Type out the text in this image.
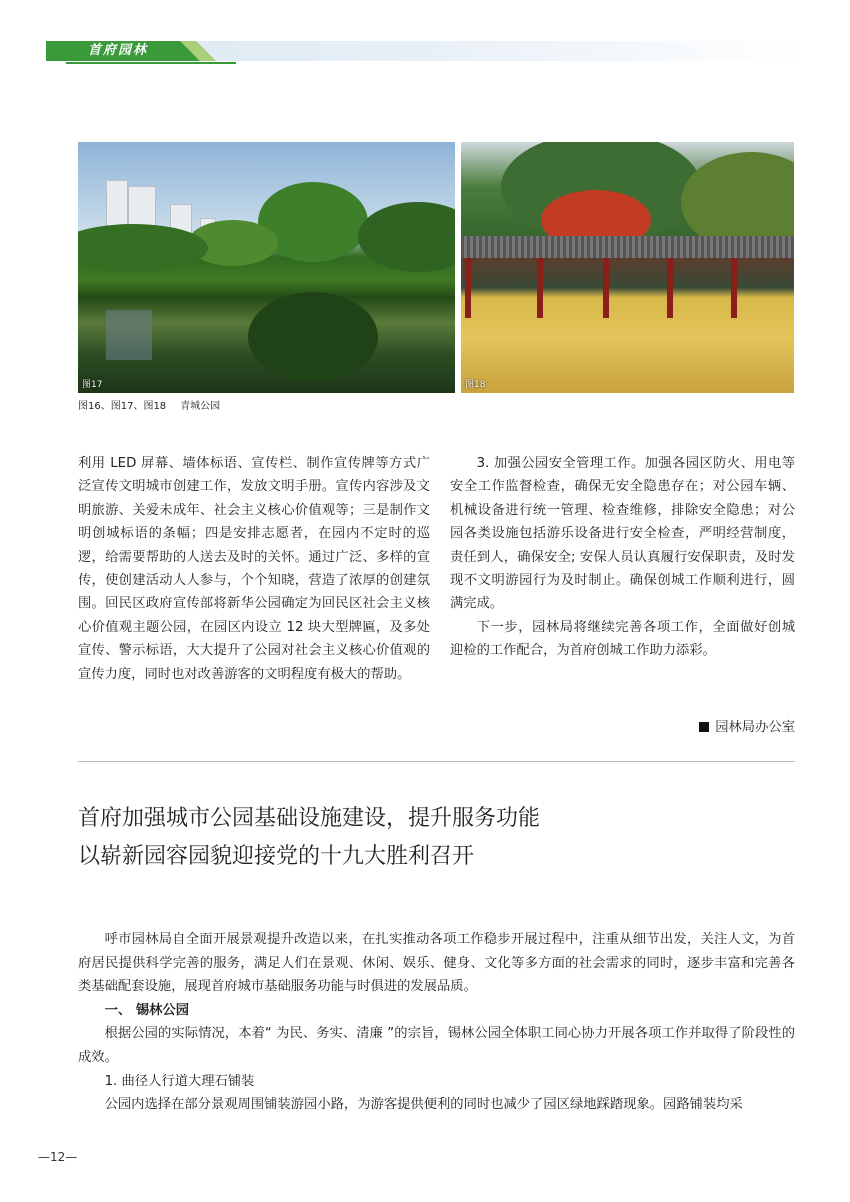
首府园林
图17	图18
图16、图17、图18 青城公园

利用 LED 屏幕、墙体标语、宣传栏、制作宣传牌等方式广泛宣传文明城市创建工作，发放文明手册。宣传内容涉及文明旅游、关爱未成年、社会主义核心价值观等；三是制作文明创城标语的条幅；四是安排志愿者，在园内不定时的巡逻，给需要帮助的人送去及时的关怀。通过广泛、多样的宣传，使创建活动人人参与，个个知晓，营造了浓厚的创建氛围。回民区政府宣传部将新华公园确定为回民区社会主义核心价值观主题公园，在园区内设立 12 块大型牌匾，及多处宣传、警示标语，大大提升了公园对社会主义核心价值观的宣传力度，同时也对改善游客的文明程度有极大的帮助。

3. 加强公园安全管理工作。加强各园区防火、用电等安全工作监督检查，确保无安全隐患存在；对公园车辆、机械设备进行统一管理、检查维修，排除安全隐患；对公园各类设施包括游乐设备进行安全检查，严明经营制度，责任到人，确保安全; 安保人员认真履行安保职责，及时发现不文明游园行为及时制止。确保创城工作顺利进行，圆满完成。

下一步，园林局将继续完善各项工作，全面做好创城迎检的工作配合，为首府创城工作助力添彩。

园林局办公室
首府加强城市公园基础设施建设，提升服务功能
以崭新园容园貌迎接党的十九大胜利召开

呼市园林局自全面开展景观提升改造以来，在扎实推动各项工作稳步开展过程中，注重从细节出发，关注人文，为首府居民提供科学完善的服务，满足人们在景观、休闲、娱乐、健身、文化等多方面的社会需求的同时，逐步丰富和完善各类基础配套设施，展现首府城市基础服务功能与时俱进的发展品质。

一、 锡林公园

根据公园的实际情况，本着“ 为民、务实、清廉 ”的宗旨，锡林公园全体职工同心协力开展各项工作并取得了阶段性的成效。

1. 曲径人行道大理石铺装

公园内选择在部分景观周围铺装游园小路，为游客提供便利的同时也减少了园区绿地踩踏现象。园路铺装均采

—12—
